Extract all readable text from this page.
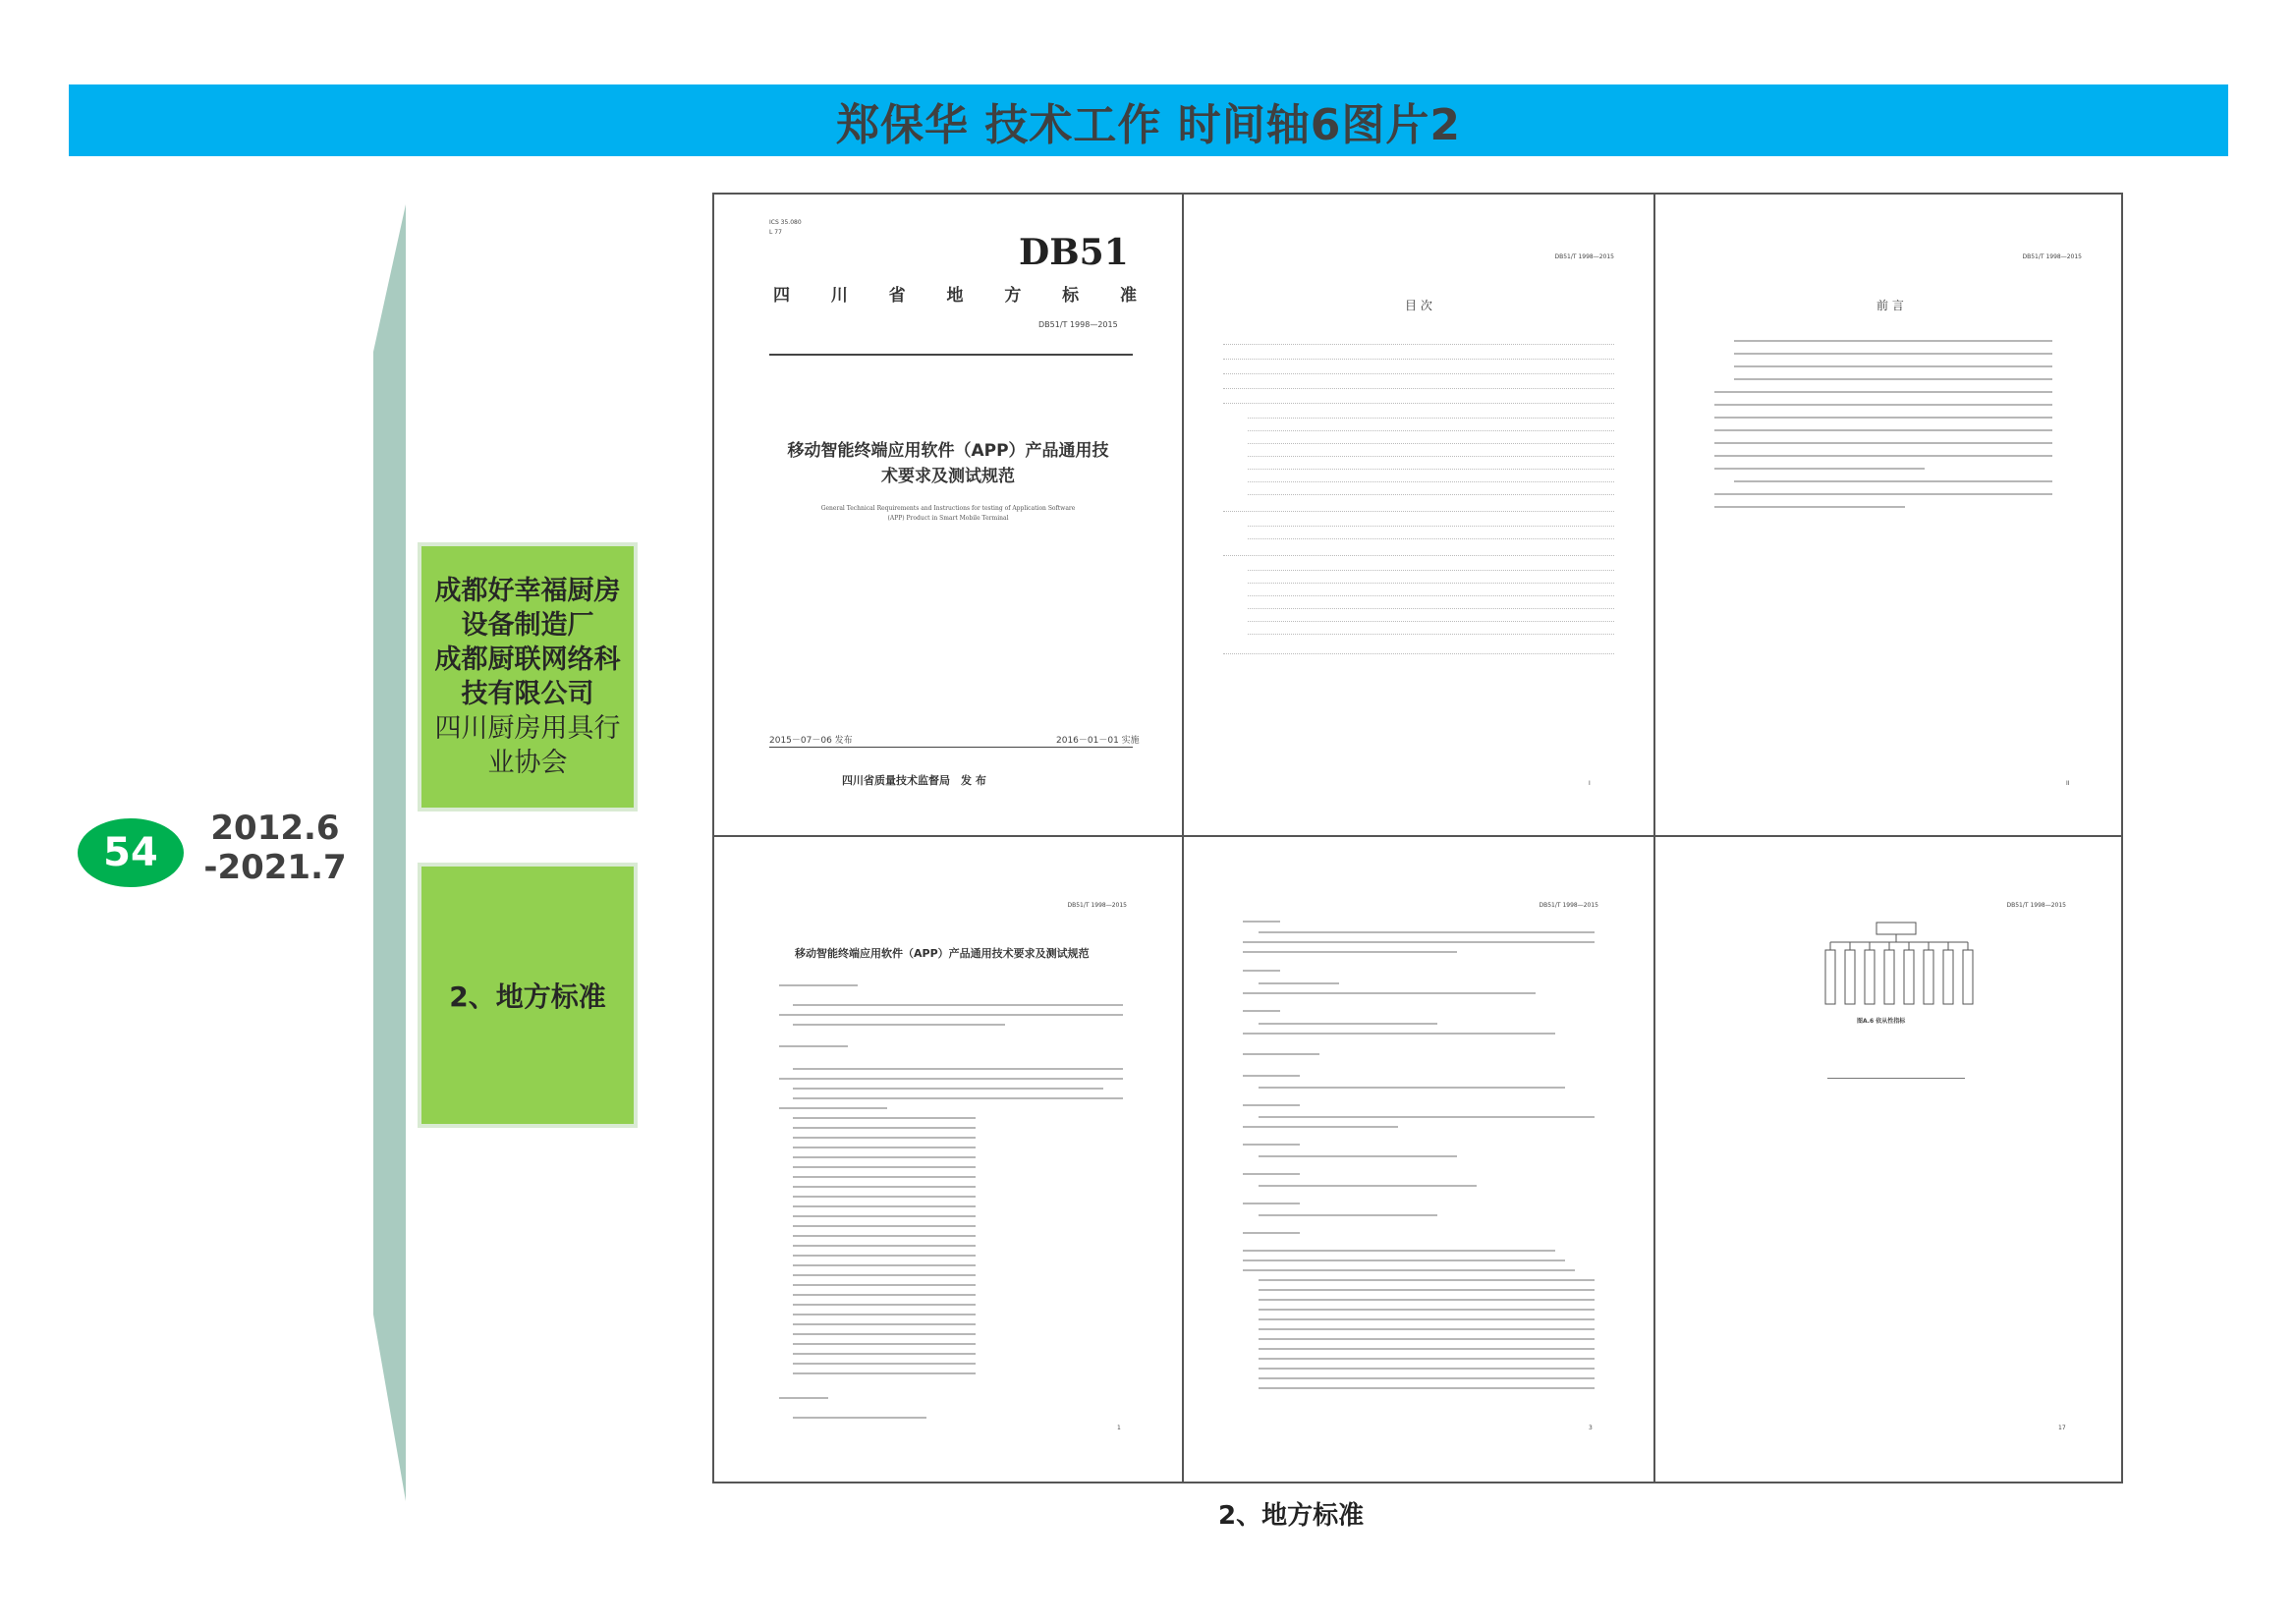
郑保华 技术工作 时间轴6图片2
54
2012.6
-2021.7
成都好幸福厨房
设备制造厂
成都厨联网络科
技有限公司
四川厨房用具行
业协会
2、地方标准
ICS 35.080
L 77	DB51
四 川 省 地 方 标 准
DB51/T 1998—2015
移动智能终端应用软件（APP）产品通用技
术要求及测试规范
General Technical Requirements and Instructions for testing of Application Software
(APP) Product in Smart Mobile Terminal
2015－07－06 发布	2016－01－01 实施
四川省质量技术监督局　发 布
DB51/T 1998—2015
目 次
I
DB51/T 1998—2015
前 言
II
DB51/T 1998—2015
移动智能终端应用软件（APP）产品通用技术要求及测试规范
1
DB51/T 1998—2015
3
DB51/T 1998—2015
图A.6 依从性指标
17
2、地方标准
